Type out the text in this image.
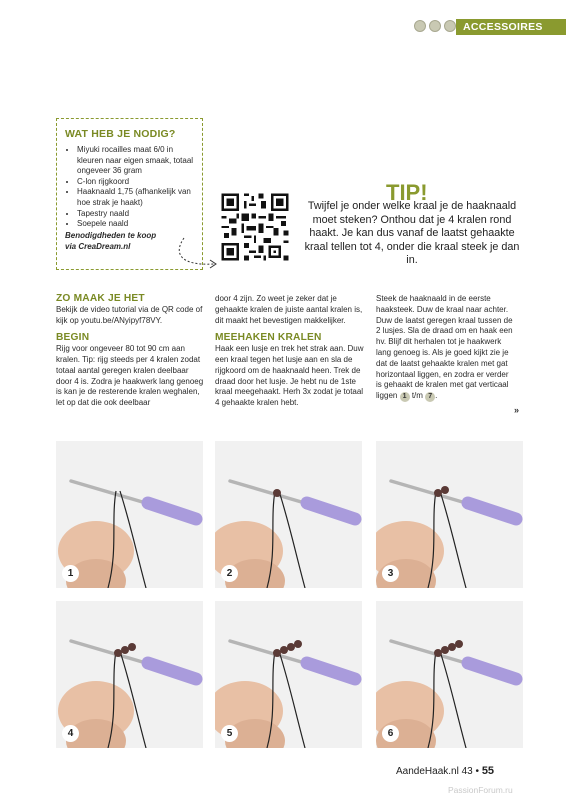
ACCESSOIRES
WAT HEB JE NODIG?
• Miyuki rocailles maat 6/0 in kleuren naar eigen smaak, totaal ongeveer 36 gram
• C-lon rijgkoord
• Haaknaald 1,75 (afhankelijk van hoe strak je haakt)
• Tapestry naald
• Soepele naald
Benodigdheden te koop
via CreaDream.nl
TIP!
Twijfel je onder welke kraal je de haaknaald moet steken? Onthou dat je 4 kralen rond haakt. Je kan dus vanaf de laatst gehaakte kraal tellen tot 4, onder die kraal steek je dan in.

ZO MAAK JE HET

Bekijk de video tutorial via de QR code of kijk op youtu.be/ANyipyf78VY.

BEGIN

Rijg voor ongeveer 80 tot 90 cm aan kralen. Tip: rijg steeds per 4 kralen zodat totaal aantal geregen kralen deelbaar door 4 is. Zodra je haakwerk lang genoeg is kan je de resterende kralen weghalen, let op dat die ook deelbaar

door 4 zijn. Zo weet je zeker dat je gehaakte kralen de juiste aantal kralen is, dit maakt het bevestigen makkelijker.

MEEHAKEN KRALEN

Haak een lusje en trek het strak aan. Duw een kraal tegen het lusje aan en sla de rijgkoord om de haaknaald heen. Trek de draad door het lusje. Je hebt nu de 1ste kraal meegehaakt. Herh 3x zodat je totaal 4 gehaakte kralen hebt.

Steek de haaknaald in de eerste haaksteek. Duw de kraal naar achter. Duw de laatst geregen kraal tussen de 2 lusjes. Sla de draad om en haak een hv. Blijf dit herhalen tot je haakwerk lang genoeg is. Als je goed kijkt zie je dat de laatst gehaakte kralen met gat horizontaal liggen, en zodra er verder is gehaakt de kralen met gat verticaal liggen 1 t/m 7 .

»
1	2	3
4	5	6
AandeHaak.nl 43 • 55
PassionForum.ru
